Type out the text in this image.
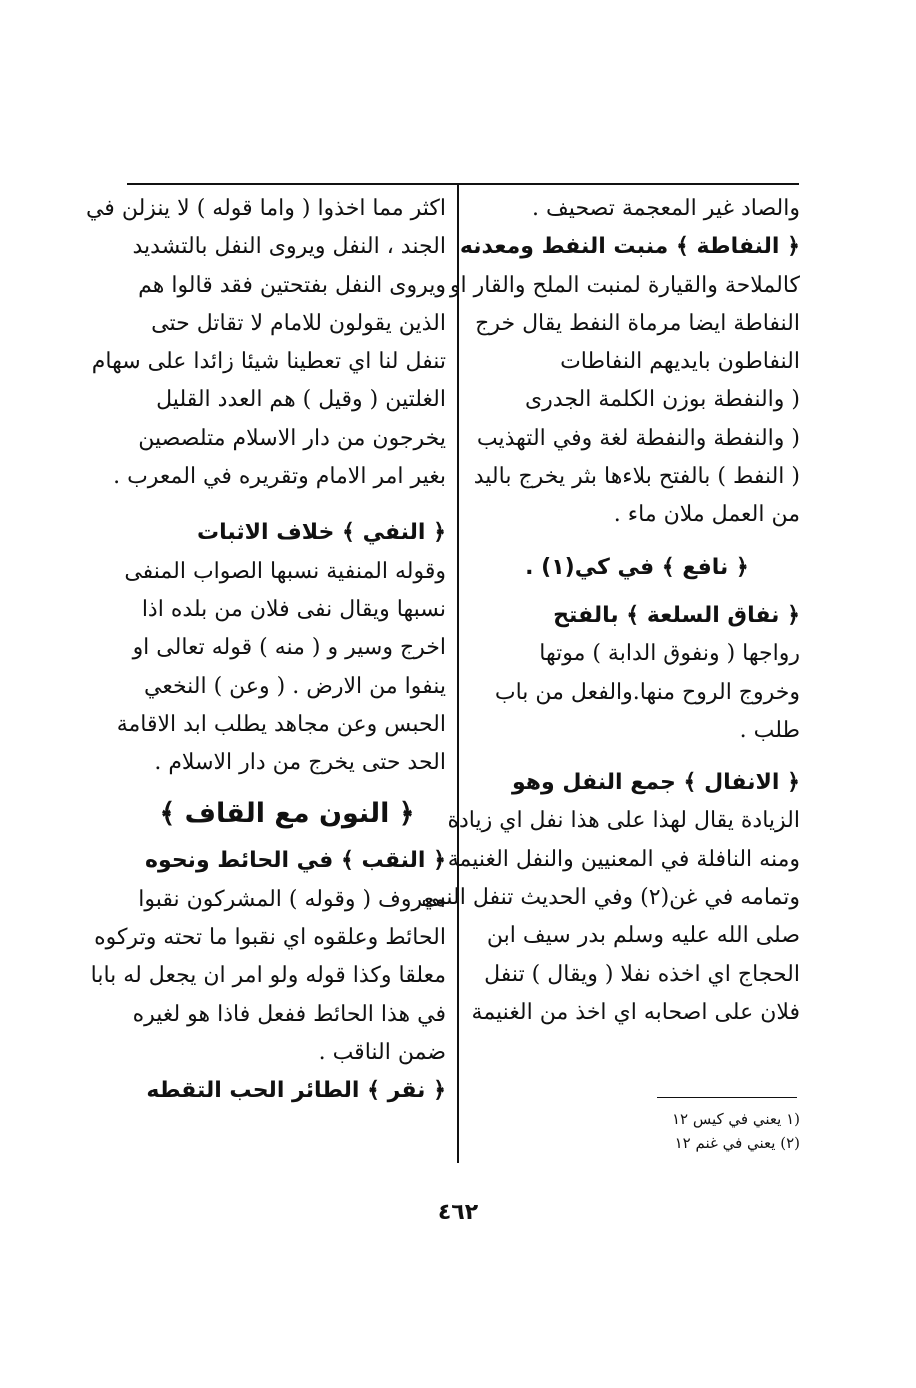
والصاد غير المعجمة تصحيف .
﴿ النفاطة ﴾ منبت النفط ومعدنه
كالملاحة والقيارة لمنبت الملح والقار او
النفاطة ايضا مرماة النفط يقال خرج
النفاطون بايديهم النفاطات
( والنفطة بوزن الكلمة الجدرى
( والنفطة والنفطة لغة وفي التهذيب
( النفط ) بالفتح بلاءها بثر يخرج باليد
من العمل ملان ماء .
﴿ نافع ﴾ في كي(١) .
﴿ نفاق السلعة ﴾ بالفتح
رواجها ( ونفوق الدابة ) موتها
وخروج الروح منها.والفعل من باب
طلب .
﴿ الانفال ﴾ جمع النفل وهو
الزيادة يقال لهذا على هذا نفل اي زيادة
ومنه النافلة في المعنيين والنفل الغنيمة
وتمامه في غن(٢) وفي الحديث تنفل النبي
صلى الله عليه وسلم بدر سيف ابن
الحجاج اي اخذه نفلا ( ويقال ) تنفل
فلان على اصحابه اي اخذ من الغنيمة
اكثر مما اخذوا ( واما قوله ) لا ينزلن في
الجند ، النفل ويروى النفل بالتشديد
ويروى النفل بفتحتين فقد قالوا هم
الذين يقولون للامام لا تقاتل حتى
تنفل لنا اي تعطينا شيئا زائدا على سهام
الغلتين ( وقيل ) هم العدد القليل
يخرجون من دار الاسلام متلصصين
بغير امر الامام وتقريره في المعرب .
﴿ النفي ﴾ خلاف الاثبات
وقوله المنفية نسبها الصواب المنفى
نسبها ويقال نفى فلان من بلده اذا
اخرج وسير و ( منه ) قوله تعالى او
ينفوا من الارض . ( وعن ) النخعي
الحبس وعن مجاهد يطلب ابد الاقامة
الحد حتى يخرج من دار الاسلام .
﴿ النون مع القاف ﴾
﴿ النقب ﴾ في الحائط ونحوه
معروف ( وقوله ) المشركون نقبوا
الحائط وعلقوه اي نقبوا ما تحته وتركوه
معلقا وكذا قوله ولو امر ان يجعل له بابا
في هذا الحائط ففعل فاذا هو لغيره
ضمن الناقب .
﴿ نقر ﴾ الطائر الحب التقطه
(١ يعني في كيس ١٢
(٢) يعني في غنم ١٢
٤٦٢
